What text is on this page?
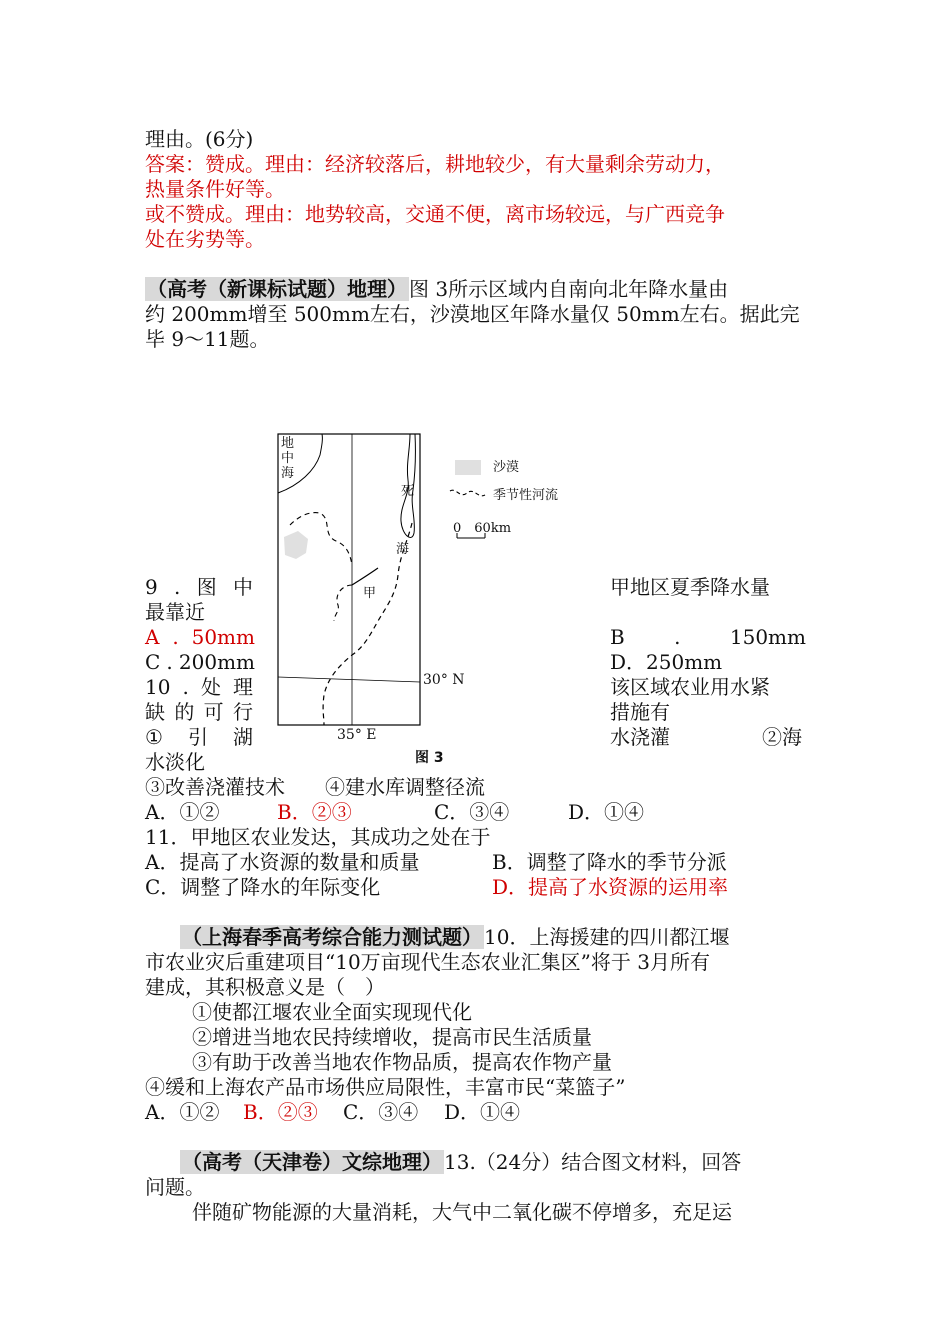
理由。(6分)
答案：赞成。理由：经济较落后，耕地较少，有大量剩余劳动力，
热量条件好等。
或不赞成。理由：地势较高，交通不便，离市场较远，与广西竞争
处在劣势等。
（高考（新课标试题）地理） 图 3所示区域内自南向北年降水量由
约 200mm增至 500mm左右，沙漠地区年降水量仅 50mm左右。据此完
毕 9～11题。
地
中
海
死
海
甲
30° N
35° E
图 3
沙漠
季节性河流
0　60km
9 . 图 中	甲地区夏季降水量
最靠近
A . 50mm	B . 150mm
C . 200mm	D．250mm
10 . 处 理	该区域农业用水紧
缺 的 可 行	措施有
① 引 湖	水浇灌	②海
水淡化
③改善浇灌技术　　④建水库调整径流
A．①②	B．②③	C．③④	D．①④
11．甲地区农业发达，其成功之处在于
A．提高了水资源的数量和质量	B．调整了降水的季节分派
C．调整了降水的年际变化	D．提高了水资源的运用率
（上海春季高考综合能力测试题） 10．上海援建的四川都江堰
市农业灾后重建项目“10万亩现代生态农业汇集区”将于 3月所有
建成，其积极意义是（　）
①使都江堰农业全面实现现代化
②增进当地农民持续增收，提高市民生活质量
③有助于改善当地农作物品质，提高农作物产量
④缓和上海农产品市场供应局限性，丰富市民“菜篮子”
A．①② B．②③ C．③④ D．①④
（高考（天津卷）文综地理） 13.（24分）结合图文材料，回答
问题。
伴随矿物能源的大量消耗，大气中二氧化碳不停增多，充足运
